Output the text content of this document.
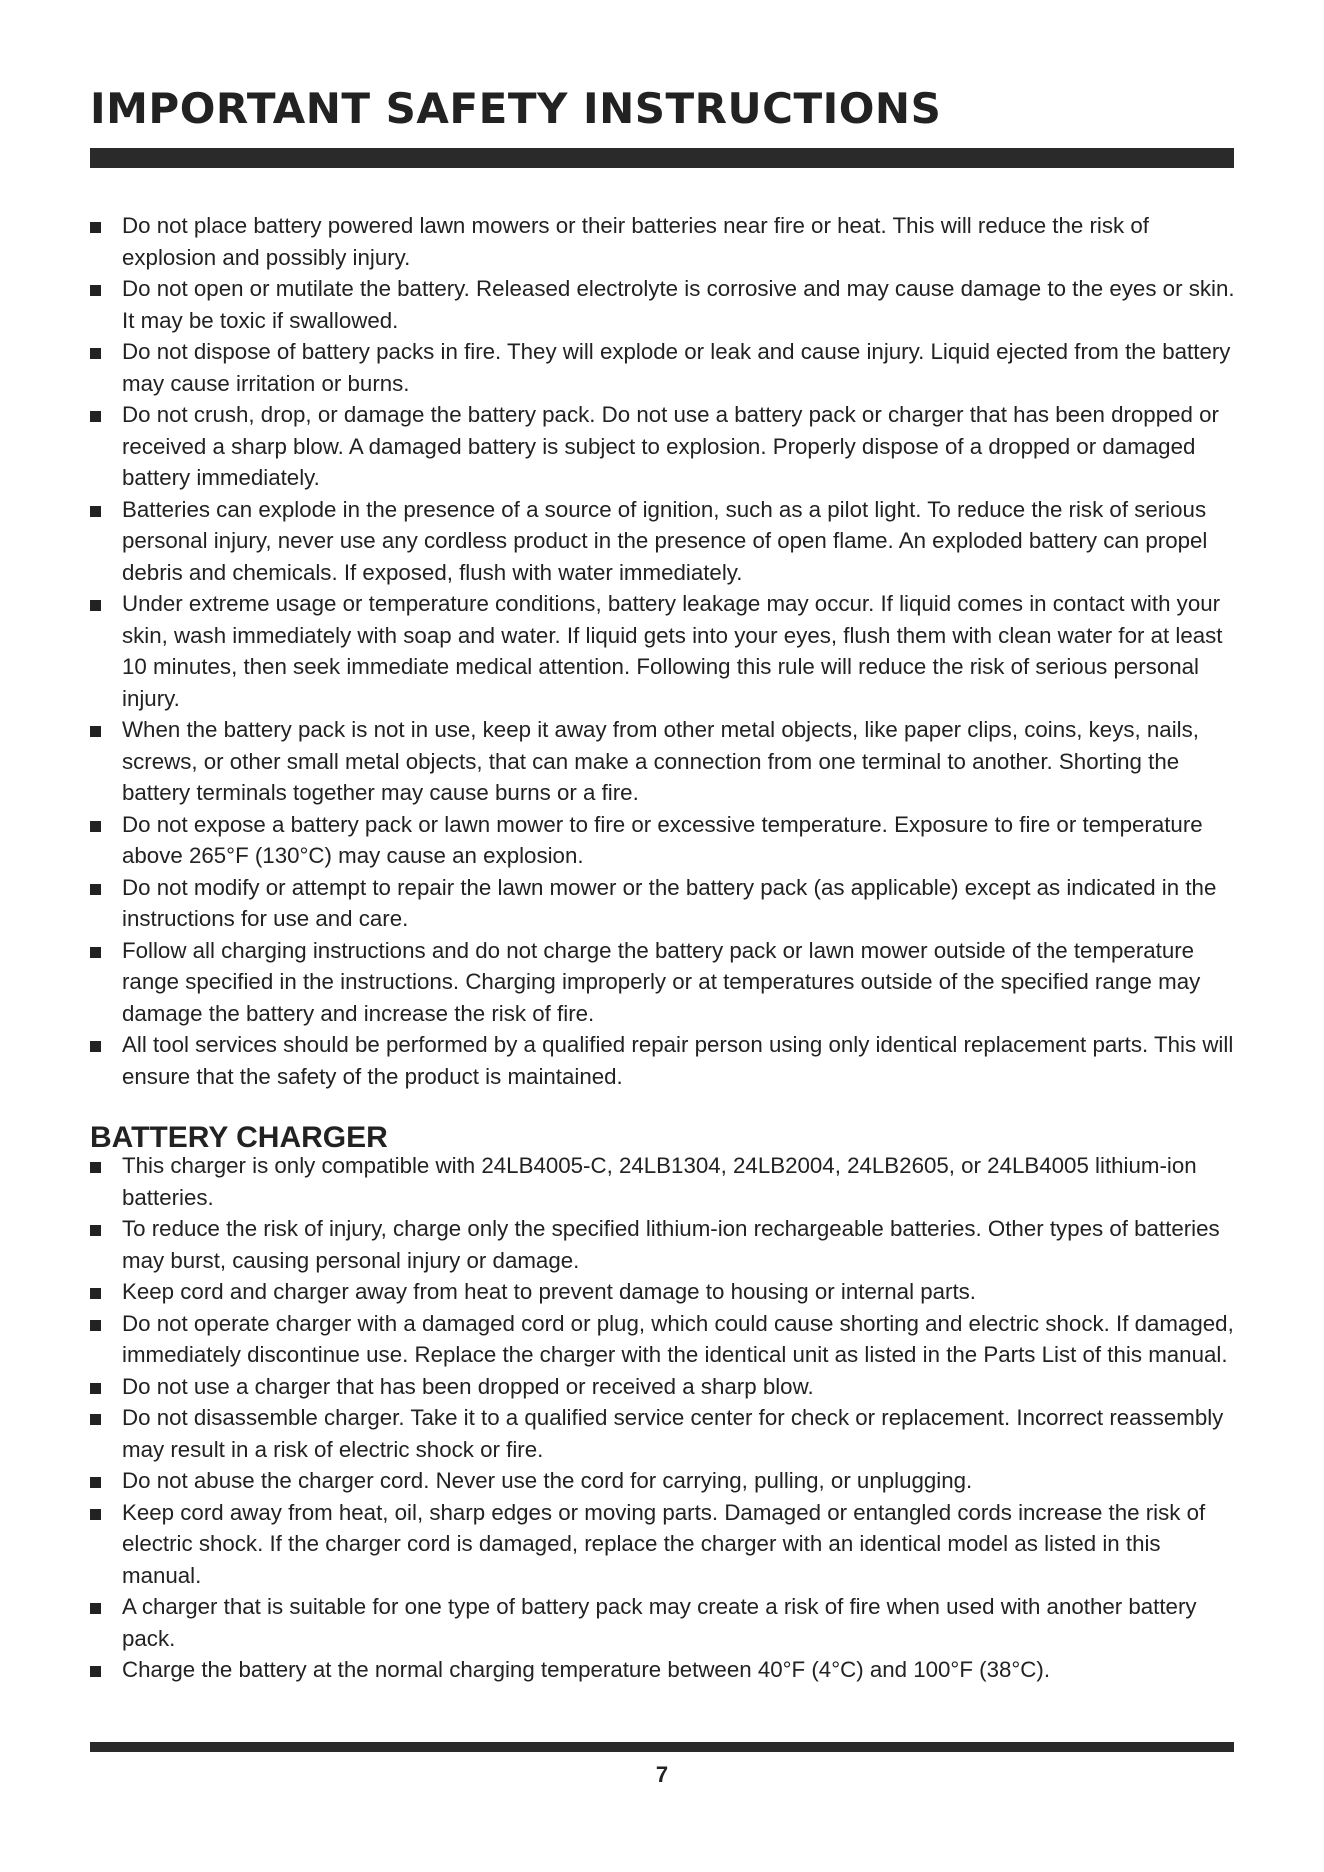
IMPORTANT SAFETY INSTRUCTIONS
Do not place battery powered lawn mowers or their batteries near fire or heat. This will reduce the risk of explosion and possibly injury.
Do not open or mutilate the battery. Released electrolyte is corrosive and may cause damage to the eyes or skin. It may be toxic if swallowed.
Do not dispose of battery packs in fire. They will explode or leak and cause injury. Liquid ejected from the battery may cause irritation or burns.
Do not crush, drop, or damage the battery pack. Do not use a battery pack or charger that has been dropped or received a sharp blow. A damaged battery is subject to explosion. Properly dispose of a dropped or damaged battery immediately.
Batteries can explode in the presence of a source of ignition, such as a pilot light. To reduce the risk of serious personal injury, never use any cordless product in the presence of open flame. An exploded battery can propel debris and chemicals. If exposed, flush with water immediately.
Under extreme usage or temperature conditions, battery leakage may occur. If liquid comes in contact with your skin, wash immediately with soap and water. If liquid gets into your eyes, flush them with clean water for at least 10 minutes, then seek immediate medical attention. Following this rule will reduce the risk of serious personal injury.
When the battery pack is not in use, keep it away from other metal objects, like paper clips, coins, keys, nails, screws, or other small metal objects, that can make a connection from one terminal to another. Shorting the battery terminals together may cause burns or a fire.
Do not expose a battery pack or lawn mower to fire or excessive temperature. Exposure to fire or temperature above 265°F (130°C) may cause an explosion.
Do not modify or attempt to repair the lawn mower or the battery pack (as applicable) except as indicated in the instructions for use and care.
Follow all charging instructions and do not charge the battery pack or lawn mower outside of the temperature range specified in the instructions. Charging improperly or at temperatures outside of the specified range may damage the battery and increase the risk of fire.
All tool services should be performed by a qualified repair person using only identical replacement parts. This will ensure that the safety of the product is maintained.
BATTERY CHARGER
This charger is only compatible with 24LB4005-C, 24LB1304, 24LB2004, 24LB2605, or 24LB4005 lithium-ion batteries.
To reduce the risk of injury, charge only the specified lithium-ion rechargeable batteries. Other types of batteries may burst, causing personal injury or damage.
Keep cord and charger away from heat to prevent damage to housing or internal parts.
Do not operate charger with a damaged cord or plug, which could cause shorting and electric shock. If damaged, immediately discontinue use. Replace the charger with the identical unit as listed in the Parts List of this manual.
Do not use a charger that has been dropped or received a sharp blow.
Do not disassemble charger. Take it to a qualified service center for check or replacement. Incorrect reassembly may result in a risk of electric shock or fire.
Do not abuse the charger cord. Never use the cord for carrying, pulling, or unplugging.
Keep cord away from heat, oil, sharp edges or moving parts. Damaged or entangled cords increase the risk of electric shock. If the charger cord is damaged, replace the charger with an identical model as listed in this manual.
A charger that is suitable for one type of battery pack may create a risk of fire when used with another battery pack.
Charge the battery at the normal charging temperature between 40°F (4°C) and 100°F (38°C).
7
